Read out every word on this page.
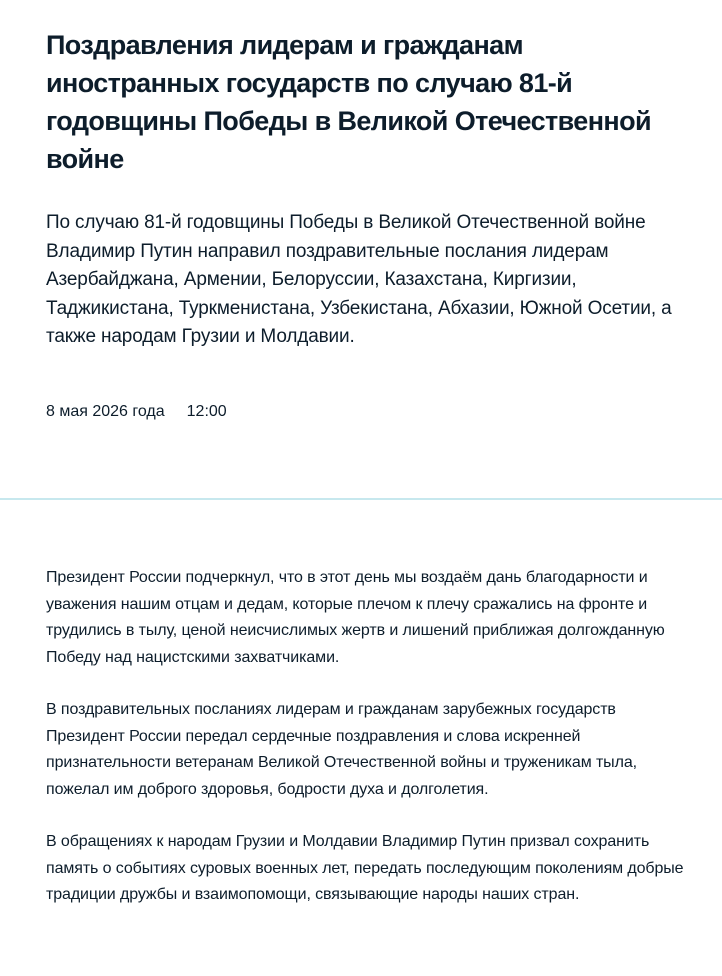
Поздравления лидерам и гражданам иностранных государств по случаю 81-й годовщины Победы в Великой Отечественной войне

По случаю 81-й годовщины Победы в Великой Отечественной войне Владимир Путин направил поздравительные послания лидерам Азербайджана, Армении, Белоруссии, Казахстана, Киргизии, Таджикистана, Туркменистана, Узбекистана, Абхазии, Южной Осетии, а также народам Грузии и Молдавии.

8 мая 2026 года 12:00

Президент России подчеркнул, что в этот день мы воздаём дань благодарности и уважения нашим отцам и дедам, которые плечом к плечу сражались на фронте и трудились в тылу, ценой неисчислимых жертв и лишений приближая долгожданную Победу над нацистскими захватчиками.

В поздравительных посланиях лидерам и гражданам зарубежных государств Президент России передал сердечные поздравления и слова искренней признательности ветеранам Великой Отечественной войны и труженикам тыла, пожелал им доброго здоровья, бодрости духа и долголетия.

В обращениях к народам Грузии и Молдавии Владимир Путин призвал сохранить память о событиях суровых военных лет, передать последующим поколениям добрые традиции дружбы и взаимопомощи, связывающие народы наших стран.
